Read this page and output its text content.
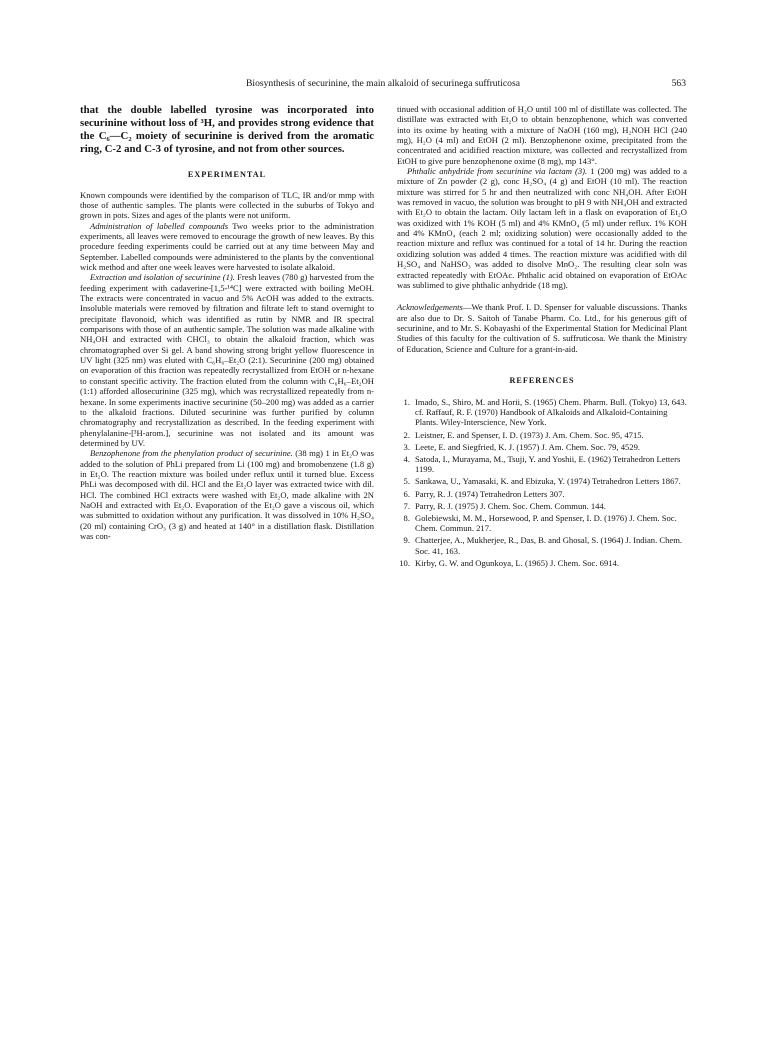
Biosynthesis of securinine, the main alkaloid of securinega suffruticosa	563

that the double labelled tyrosine was incorporated into securinine without loss of ³H, and provides strong evidence that the C₆—C₂ moiety of securinine is derived from the aromatic ring, C-2 and C-3 of tyrosine, and not from other sources.

EXPERIMENTAL

Known compounds were identified by the comparison of TLC, IR and/or mmp with those of authentic samples. The plants were collected in the suburbs of Tokyo and grown in pots. Sizes and ages of the plants were not uniform.

Administration of labelled compounds Two weeks prior to the administration experiments, all leaves were removed to encourage the growth of new leaves. By this procedure feeding experiments could be carried out at any time between May and September. Labelled compounds were administered to the plants by the conventional wick method and after one week leaves were harvested to isolate alkaloid.

Extraction and isolation of securinine (1). Fresh leaves (780 g) harvested from the feeding experiment with cadaverine-[1,5-¹⁴C] were extracted with boiling MeOH. The extracts were concentrated in vacuo and 5% AcOH was added to the extracts. Insoluble materials were removed by filtration and filtrate left to stand overnight to precipitate flavonoid, which was identified as rutin by NMR and IR spectral comparisons with those of an authentic sample. The solution was made alkaline with NH₄OH and extracted with CHCl₃ to obtain the alkaloid fraction, which was chromatographed over Si gel. A band showing strong bright yellow fluorescence in UV light (325 nm) was eluted with C₆H₆–Et₂O (2:1). Securinine (200 mg) obtained on evaporation of this fraction was repeatedly recrystallized from EtOH or n-hexane to constant specific activity. The fraction eluted from the column with C₆H₆–Et₂OH (1:1) afforded allosecurinine (325 mg), which was recrystallized repeatedly from n-hexane. In some experiments inactive securinine (50–200 mg) was added as a carrier to the alkaloid fractions. Diluted securinine was further purified by column chromatography and recrystallization as described. In the feeding experiment with phenylalanine-[³H-arom.], securinine was not isolated and its amount was determined by UV.

Benzophenone from the phenylation product of securinine. (38 mg) 1 in Et₂O was added to the solution of PhLi prepared from Li (100 mg) and bromobenzene (1.8 g) in Et₂O. The reaction mixture was boiled under reflux until it turned blue. Excess PhLi was decomposed with dil. HCl and the Et₂O layer was extracted twice with dil. HCl. The combined HCl extracts were washed with Et₂O, made alkaline with 2N NaOH and extracted with Et₂O. Evaporation of the Et₂O gave a viscous oil, which was submitted to oxidation without any purification. It was dissolved in 10% H₂SO₄ (20 ml) containing CrO₃ (3 g) and heated at 140° in a distillation flask. Distillation was con-

tinued with occasional addition of H₂O until 100 ml of distillate was collected. The distillate was extracted with Et₂O to obtain benzophenone, which was converted into its oxime by heating with a mixture of NaOH (160 mg), H₂NOH HCl (240 mg), H₂O (4 ml) and EtOH (2 ml). Benzophenone oxime, precipitated from the concentrated and acidified reaction mixture, was collected and recrystallized from EtOH to give pure benzophenone oxime (8 mg), mp 143°.

Phthalic anhydride from securinine via lactam (3). 1 (200 mg) was added to a mixture of Zn powder (2 g), conc H₂SO₄ (4 g) and EtOH (10 ml). The reaction mixture was stirred for 5 hr and then neutralized with conc NH₄OH. After EtOH was removed in vacuo, the solution was brought to pH 9 with NH₄OH and extracted with Et₂O to obtain the lactam. Oily lactam left in a flask on evaporation of Et₂O was oxidized with 1% KOH (5 ml) and 4% KMnO₄ (5 ml) under reflux. 1% KOH and 4% KMnO₄ (each 2 ml; oxidizing solution) were occasionally added to the reaction mixture and reflux was continued for a total of 14 hr. During the reaction oxidizing solution was added 4 times. The reaction mixture was acidified with dil H₂SO₄ and NaHSO₃ was added to disolve MnO₂. The resulting clear soln was extracted repeatedly with EtOAc. Phthalic acid obtained on evaporation of EtOAc was sublimed to give phthalic anhydride (18 mg).

Acknowledgements—We thank Prof. I. D. Spenser for valuable discussions. Thanks are also due to Dr. S. Saitoh of Tanabe Pharm. Co. Ltd., for his generous gift of securinine, and to Mr. S. Kobayashi of the Experimental Station for Medicinal Plant Studies of this faculty for the cultivation of S. suffruticosa. We thank the Ministry of Education, Science and Culture for a grant-in-aid.

REFERENCES
1. Imado, S., Shiro, M. and Horii, S. (1965) Chem. Pharm. Bull. (Tokyo) 13, 643. cf. Raffauf, R. F. (1970) Handbook of Alkaloids and Alkaloid-Containing Plants. Wiley-Interscience, New York.
2. Leistner, E. and Spenser, I. D. (1973) J. Am. Chem. Soc. 95, 4715.
3. Leete, E. and Siegfried, K. J. (1957) J. Am. Chem. Soc. 79, 4529.
4. Satoda, I., Murayama, M., Tsuji, Y. and Yoshii, E. (1962) Tetrahedron Letters 1199.
5. Sankawa, U., Yamasaki, K. and Ebizuka, Y. (1974) Tetrahedron Letters 1867.
6. Parry, R. J. (1974) Tetrahedron Letters 307.
7. Parry, R. J. (1975) J. Chem. Soc. Chem. Commun. 144.
8. Golebiewski, M. M., Horsewood, P. and Spenser, I. D. (1976) J. Chem. Soc. Chem. Commun. 217.
9. Chatterjee, A., Mukherjee, R., Das, B. and Ghosal, S. (1964) J. Indian. Chem. Soc. 41, 163.
10. Kirby, G. W. and Ogunkoya, L. (1965) J. Chem. Soc. 6914.
